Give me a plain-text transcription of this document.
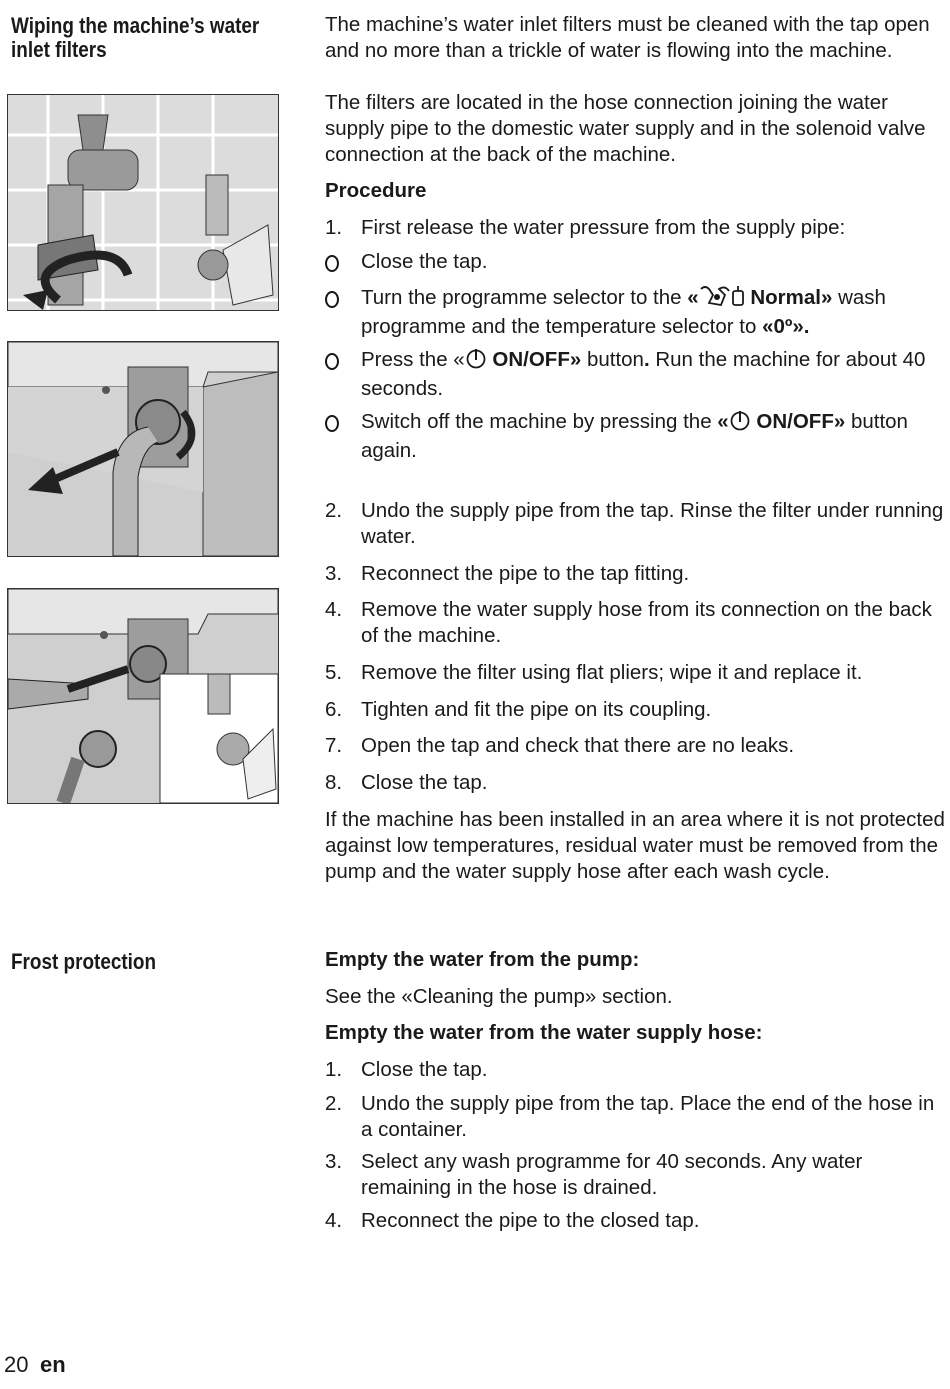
Wiping the machine’s water
inlet filters
The machine’s water inlet filters must be cleaned with the tap open and no more than a trickle of water is flowing into the machine.
The filters are located in the hose connection joining the water supply pipe to the domestic water supply and in the solenoid valve connection at the back of the machine.
Procedure
1. First release the water pressure from the supply pipe:
Close the tap.
Turn the programme selector to the «	Normal» wash programme and the temperature selector to «0º».
Press the « ON/OFF» button. Run the machine for about 40 seconds.
Switch off the machine by pressing the « ON/OFF» button again.
2. Undo the supply pipe from the tap. Rinse the filter under running water.
3. Reconnect the pipe to the tap fitting.
4. Remove the water supply hose from its connection on the back of the machine.
5. Remove the filter using flat pliers; wipe it and replace it.
6. Tighten and fit the pipe on its coupling.
7. Open the tap and check that there are no leaks.
8. Close the tap.
If the machine has been installed in an area where it is not protected against low temperatures, residual water must be removed from the pump and the water supply hose after each wash cycle.
Frost protection	Empty the water from the pump:
See the «Cleaning the pump» section.
Empty the water from the water supply hose:
1. Close the tap.
2. Undo the supply pipe from the tap. Place the end of the hose in a container.
3. Select any wash programme for 40 seconds. Any water remaining in the hose is drained.
4. Reconnect the pipe to the closed tap.
20 en
